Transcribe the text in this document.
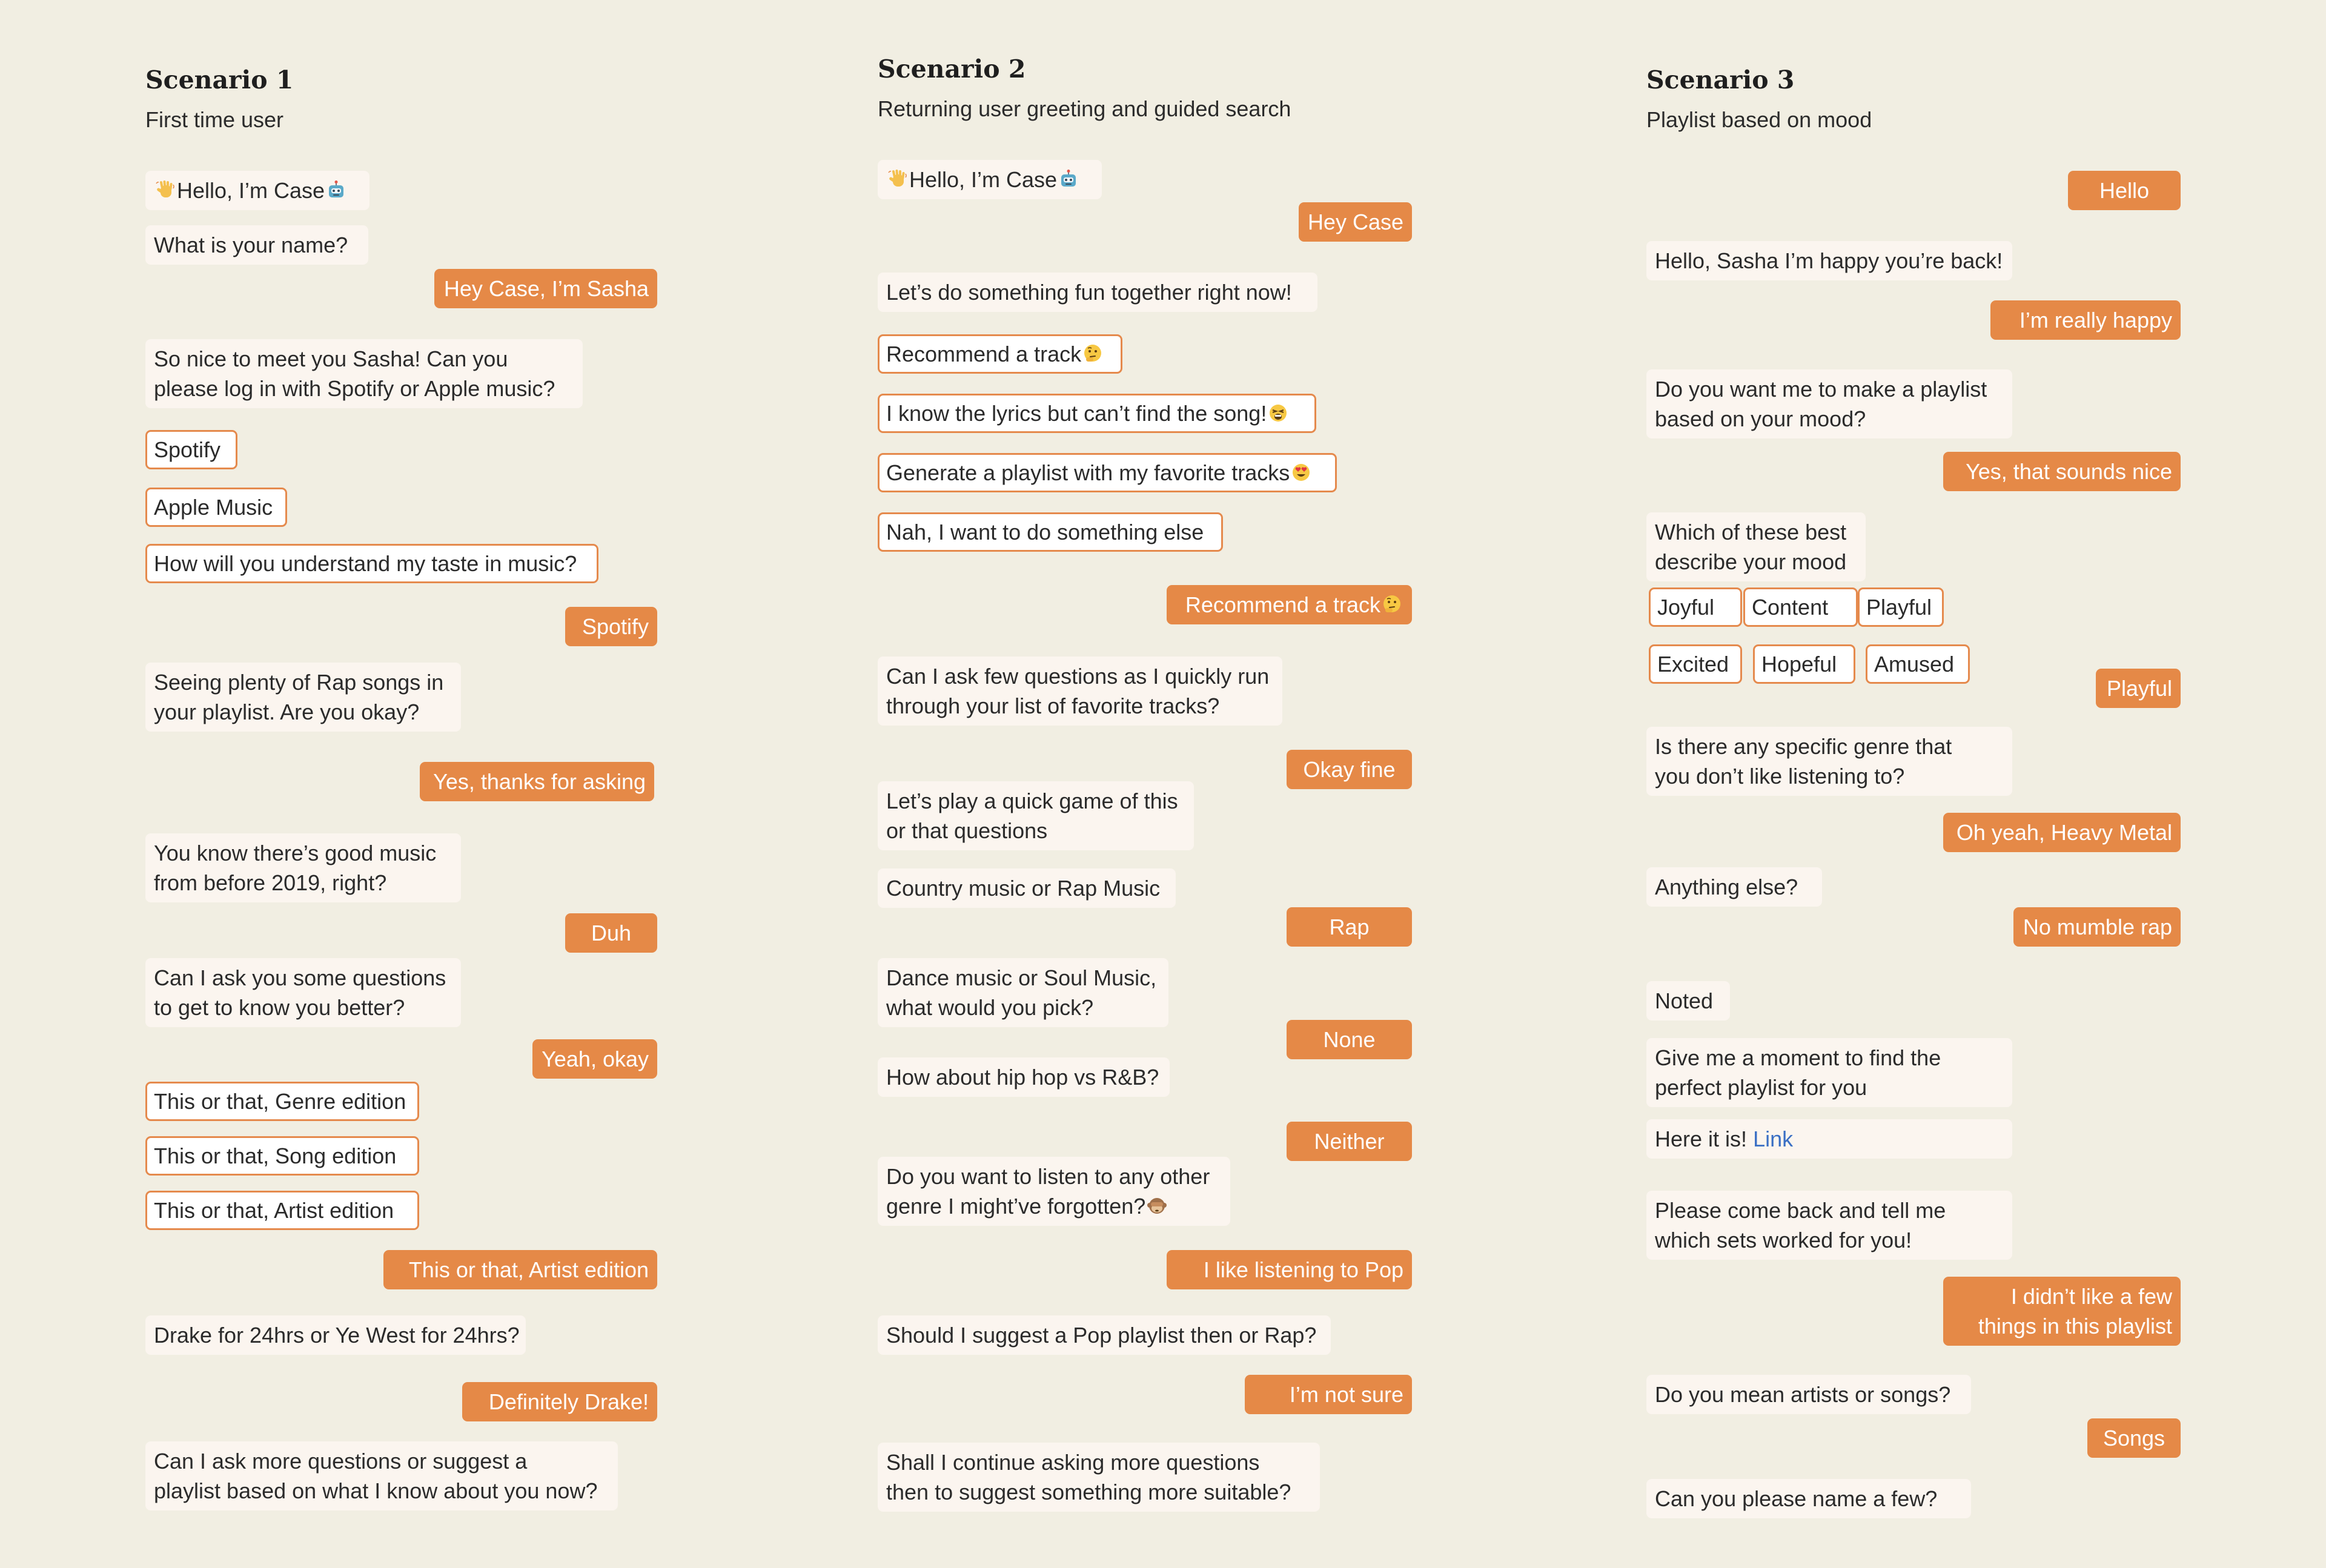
Scenario 1

First time user

Hello, I’m Case
What is your name?
Hey Case, I’m Sasha
So nice to meet you Sasha! Can you
please log in with Spotify or Apple music?
Spotify
Apple Music
How will you understand my taste in music?
Spotify
Seeing plenty of Rap songs in
your playlist. Are you okay?
Yes, thanks for asking
You know there’s good music
from before 2019, right?
Duh
Can I ask you some questions
to get to know you better?
Yeah, okay
This or that, Genre edition
This or that, Song edition
This or that, Artist edition
This or that, Artist edition
Drake for 24hrs or Ye West for 24hrs?
Definitely Drake!
Can I ask more questions or suggest a
playlist based on what I know about you now?
Scenario 2

Returning user greeting and guided search

Hello, I’m Case
Hey Case
Let’s do something fun together right now!
Recommend a track
I know the lyrics but can’t find the song!
Generate a playlist with my favorite tracks
Nah, I want to do something else
Recommend a track
Can I ask few questions as I quickly run
through your list of favorite tracks?
Okay fine
Let’s play a quick game of this
or that questions
Country music or Rap Music
Rap
Dance music or Soul Music,
what would you pick?
None
How about hip hop vs R&B?
Neither
Do you want to listen to any other
genre I might’ve forgotten?
I like listening to Pop
Should I suggest a Pop playlist then or Rap?
I’m not sure
Shall I continue asking more questions
then to suggest something more suitable?
Scenario 3

Playlist based on mood

Hello
Hello, Sasha I’m happy you’re back!
I’m really happy
Do you want me to make a playlist
based on your mood?
Yes, that sounds nice
Which of these best
describe your mood
Joyful	Content	Playful
Excited	Hopeful	Amused
Playful
Is there any specific genre that
you don’t like listening to?
Oh yeah, Heavy Metal
Anything else?
No mumble rap
Noted
Give me a moment to find the
perfect playlist for you
Here it is! Link
Please come back and tell me
which sets worked for you!
I didn’t like a few
things in this playlist
Do you mean artists or songs?
Songs
Can you please name a few?
